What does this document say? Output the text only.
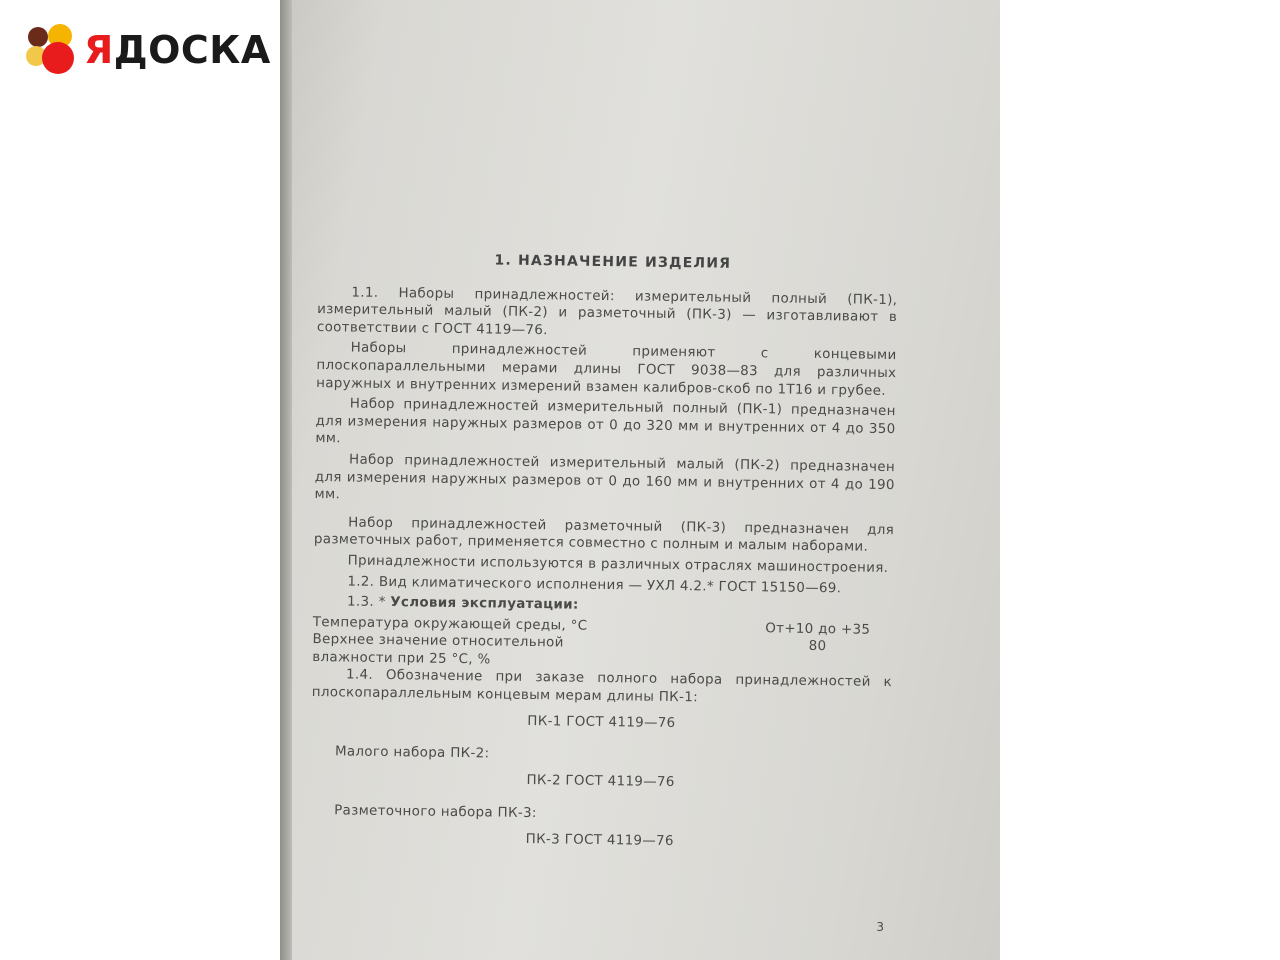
ЯДОСКА
1. НАЗНАЧЕНИЕ ИЗДЕЛИЯ

1.1. Наборы принадлежностей: измерительный полный (ПК-1), измерительный малый (ПК-2) и разметочный (ПК-3) — изготавливают в соответствии с ГОСТ 4119—76.

Наборы принадлежностей применяют с концевыми плоскопараллельными мерами длины ГОСТ 9038—83 для различных наружных и внутренних измерений взамен калибров-скоб по 1Т16 и грубее.

Набор принадлежностей измерительный полный (ПК-1) предназначен для измерения наружных размеров от 0 до 320 мм и внутренних от 4 до 350 мм.

Набор принадлежностей измерительный малый (ПК-2) предназначен для измерения наружных размеров от 0 до 160 мм и внутренних от 4 до 190 мм.

Набор принадлежностей разметочный (ПК-3) предназначен для разметочных работ, применяется совместно с полным и малым наборами.

Принадлежности используются в различных отраслях машиностроения.

1.2. Вид климатического исполнения — УХЛ 4.2.* ГОСТ 15150—69.

1.3. * Условия эксплуатации:

Температура окружающей среды, °С	От+10 до +35
Верхнее значение относительной влажности при 25 °С, %
80

1.4. Обозначение при заказе полного набора принадлежностей к плоскопараллельным концевым мерам длины ПК-1:

ПК-1 ГОСТ 4119—76

Малого набора ПК-2:

ПК-2 ГОСТ 4119—76

Разметочного набора ПК-3:

ПК-3 ГОСТ 4119—76
3
